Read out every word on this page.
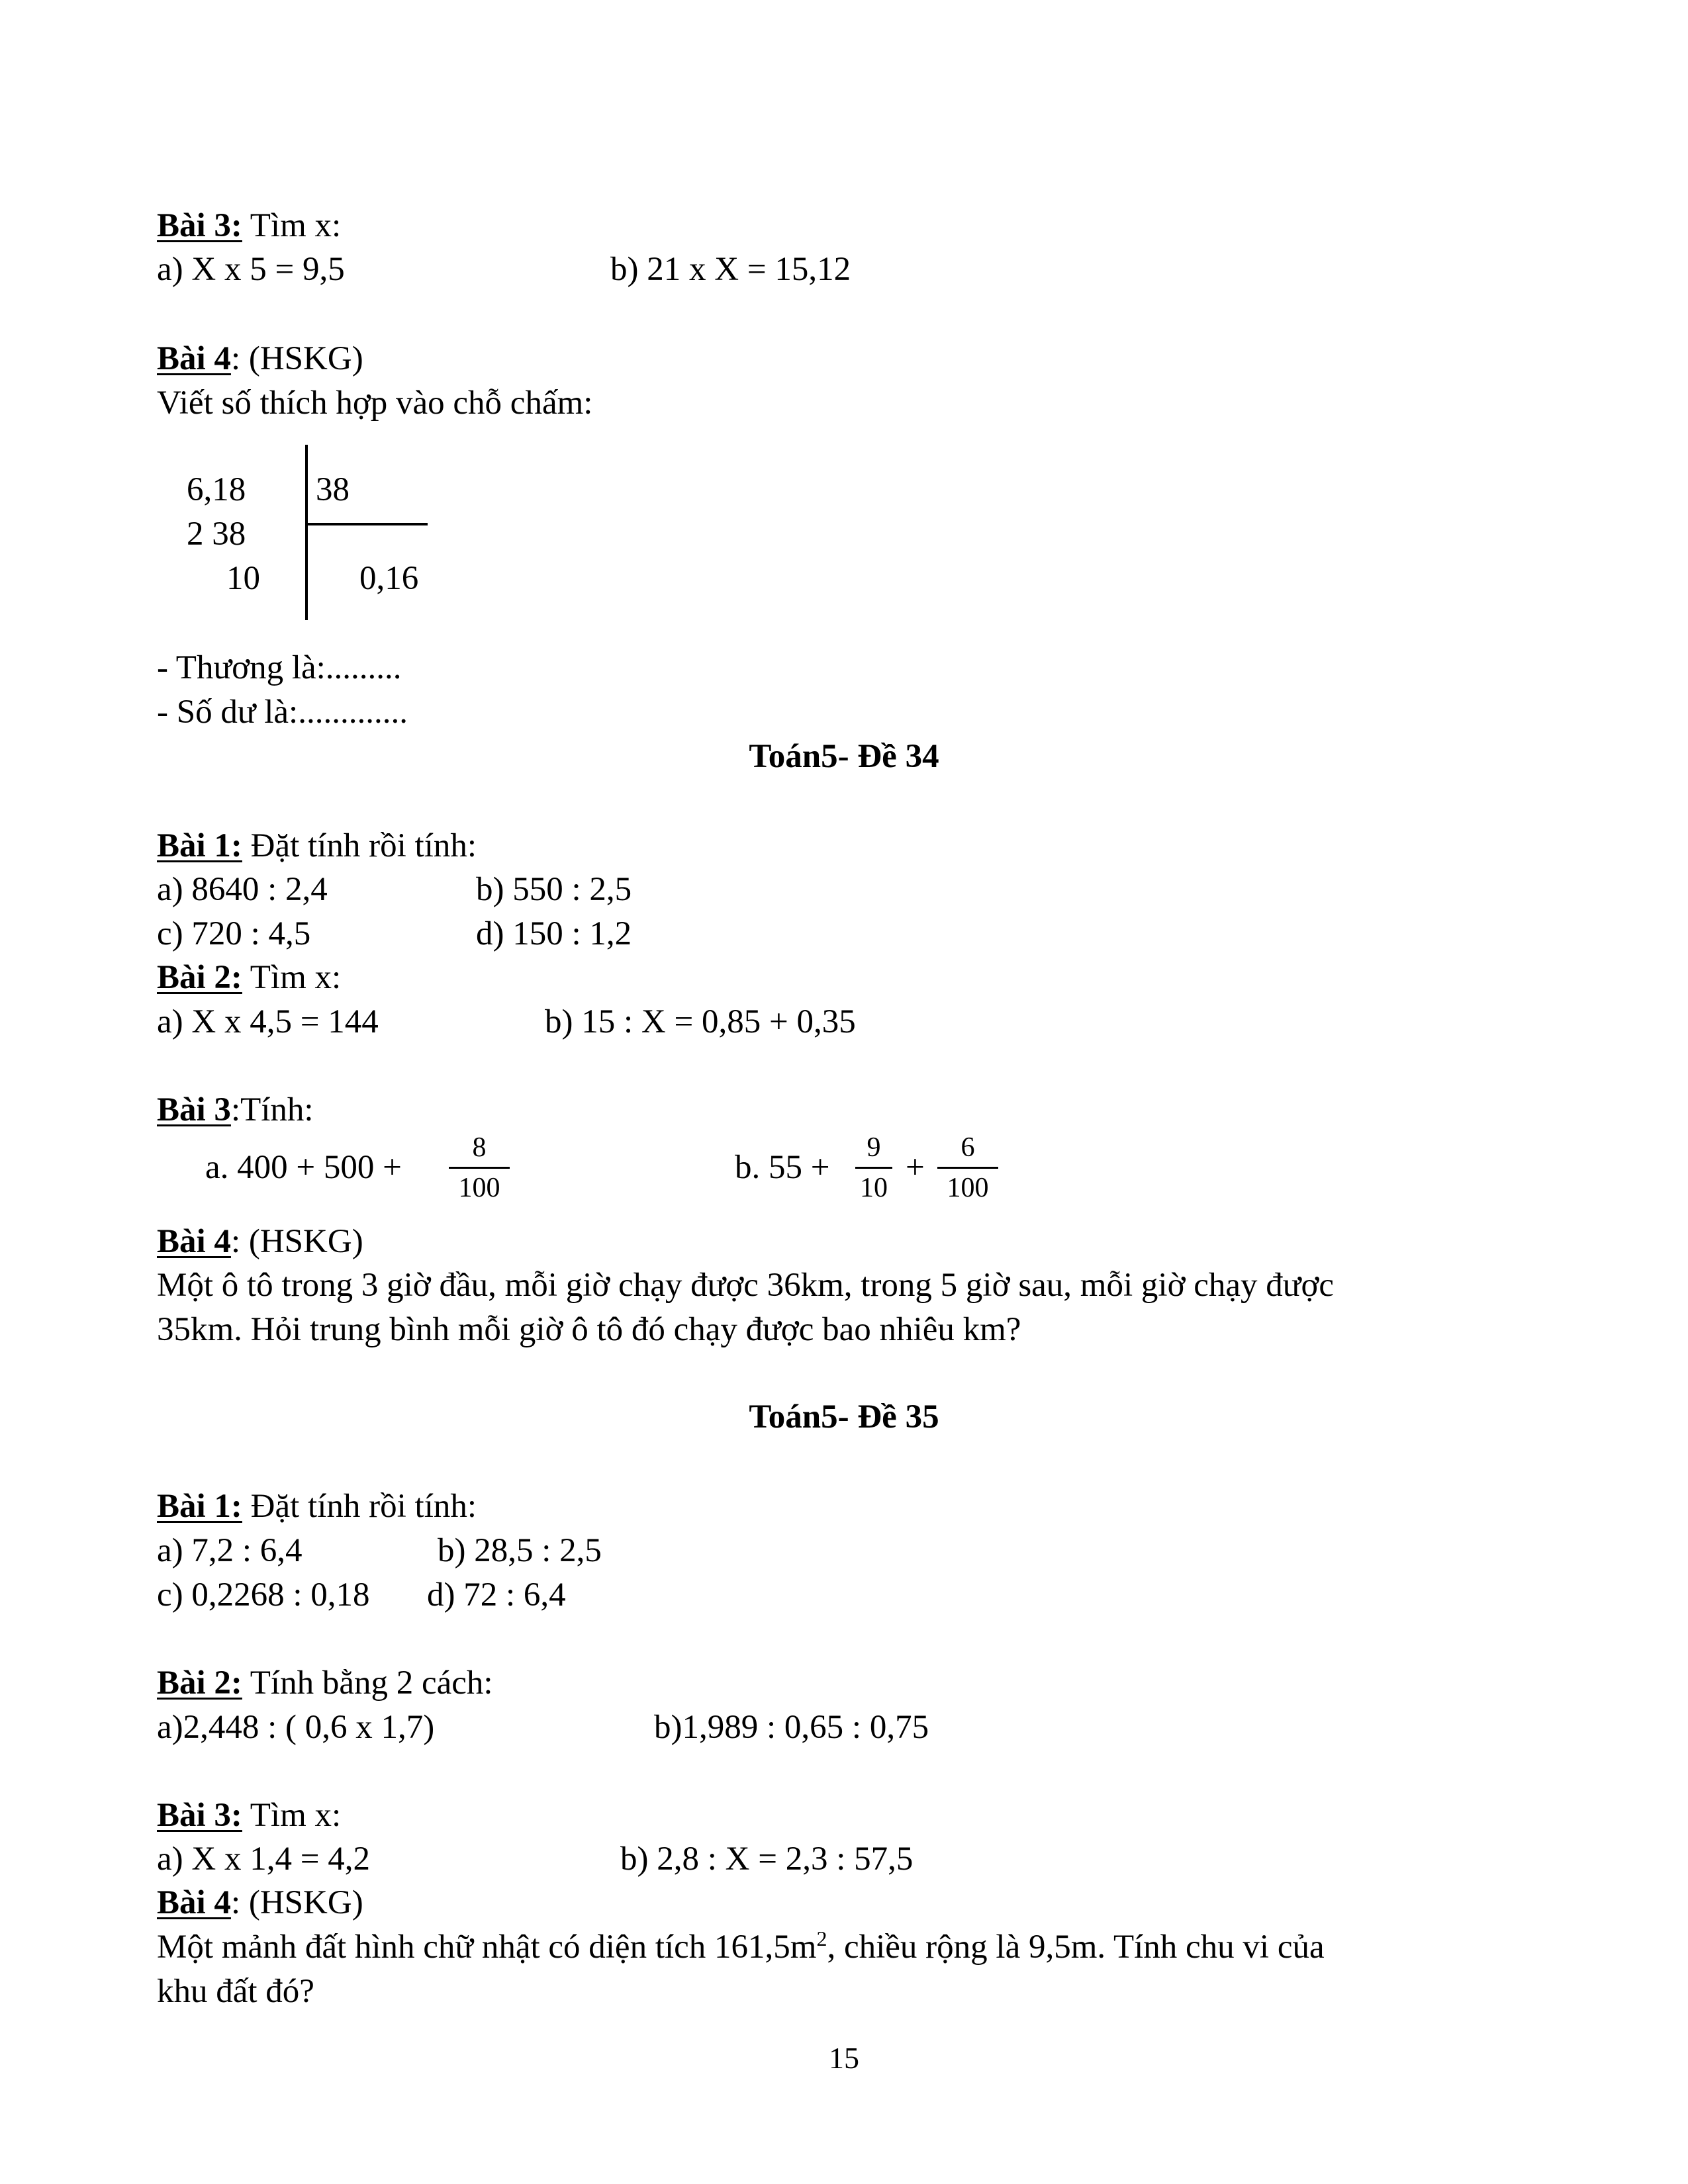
Bài 3: Tìm x:
a) X x 5 = 9,5	b) 21 x X = 15,12
Bài 4: (HSKG)
Viết số thích hợp vào chỗ chấm:
6,18 38
2 38
10	0,16
- Thương là:.........
- Số dư là:.............
Toán5- Đề 34
Bài 1: Đặt tính rồi tính:
a) 8640 : 2,4	b) 550 : 2,5
c) 720 : 4,5	d) 150 : 1,2
Bài 2: Tìm x:
a) X x 4,5 = 144	b) 15 : X = 0,85 + 0,35
Bài 3:Tính:
a. 400 + 500 +
8
100
b. 55 +
9
10
+
6
100
Bài 4: (HSKG)
Một ô tô trong 3 giờ đầu, mỗi giờ chạy được 36km, trong 5 giờ sau, mỗi giờ chạy được
35km. Hỏi trung bình mỗi giờ ô tô đó chạy được bao nhiêu km?
Toán5- Đề 35
Bài 1: Đặt tính rồi tính:
a) 7,2 : 6,4	b) 28,5 : 2,5
c) 0,2268 : 0,18 d) 72 : 6,4
Bài 2: Tính bằng 2 cách:
a)2,448 : ( 0,6 x 1,7)	b)1,989 : 0,65 : 0,75
Bài 3: Tìm x:
a) X x 1,4 = 4,2	b) 2,8 : X = 2,3 : 57,5
Bài 4: (HSKG)
Một mảnh đất hình chữ nhật có diện tích $161,5m^2$, chiều rộng là 9,5m. Tính chu vi của
khu đất đó?
15
